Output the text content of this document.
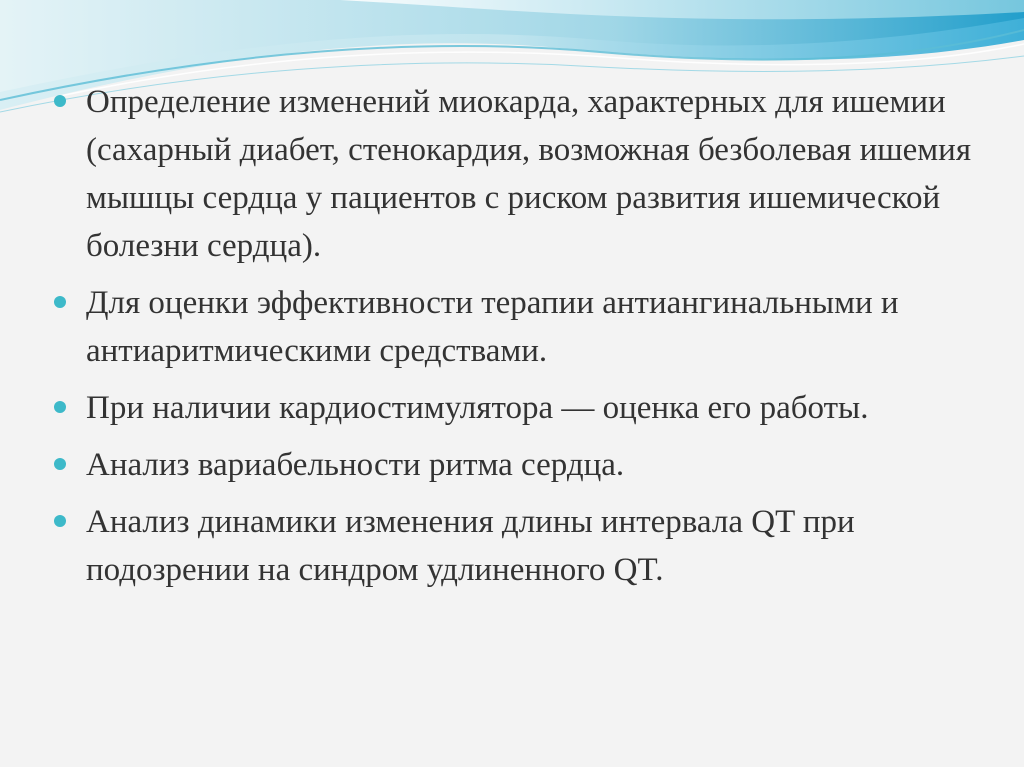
Определение изменений миокарда, характерных для ишемии (сахарный диабет, стенокардия, возможная безболевая ишемия мышцы сердца у пациентов с риском развития ишемической болезни сердца).
Для оценки эффективности терапии антиангинальными и антиаритмическими средствами.
При наличии кардиостимулятора — оценка его работы.
Анализ вариабельности ритма сердца.
Анализ динамики изменения длины интервала QT при подозрении на синдром удлиненного QT.
